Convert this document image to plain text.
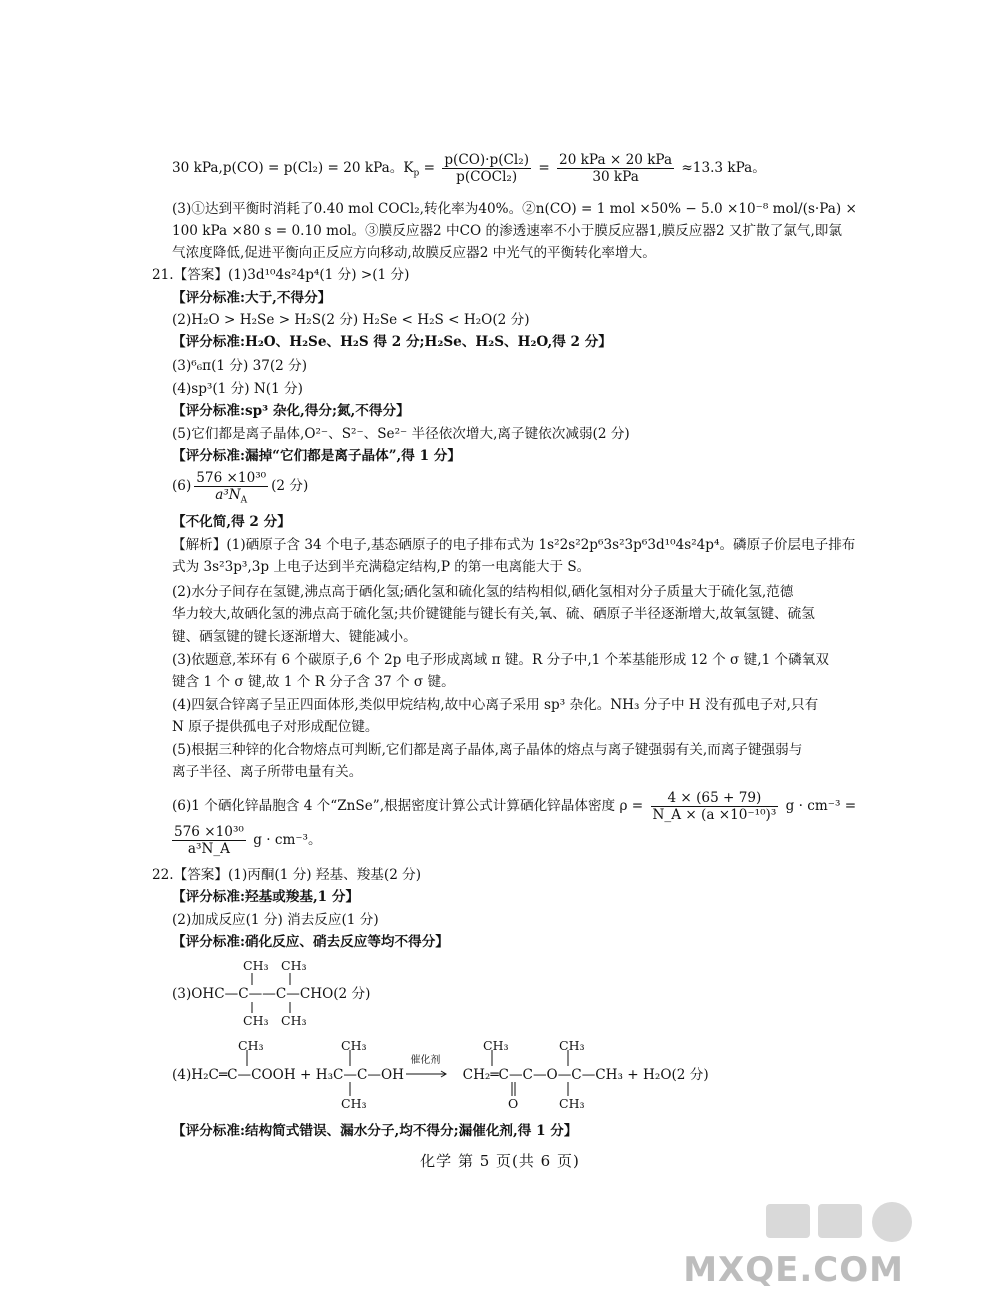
30 kPa,p(CO) = p(Cl₂) = 20 kPa。$K_p = \frac{\text{p(CO)·p(Cl₂)}}{\text{p(COCl₂)}} = \frac{\text{20 kPa × 20 kPa}}{\text{30 kPa}} \approx 13.3$ kPa。
(3)①达到平衡时消耗了0.40 mol COCl₂,转化率为40%。②n(CO) = 1 mol ×50% − 5.0 ×10⁻⁸ mol/(s·Pa) ×
100 kPa ×80 s = 0.10 mol。③膜反应器2 中CO 的渗透速率不小于膜反应器1,膜反应器2 又扩散了氯气,即氯
气浓度降低,促进平衡向正反应方向移动,故膜反应器2 中光气的平衡转化率增大。
21.【答案】(1)3d¹⁰4s²4p⁴(1 分) >(1 分)
【评分标准:大于,不得分】
(2)H₂O > H₂Se > H₂S(2 分) H₂Se < H₂S < H₂O(2 分)
【评分标准:H₂O、H₂Se、H₂S 得 2 分;H₂Se、H₂S、H₂O,得 2 分】
(3)⁶₆π(1 分) 37(2 分)
(4)sp³(1 分) N(1 分)
【评分标准:sp³ 杂化,得分;氮,不得分】
(5)它们都是离子晶体,O²⁻、S²⁻、Se²⁻ 半径依次增大,离子键依次减弱(2 分)
【评分标准:漏掉“它们都是离子晶体”,得 1 分】
$(6) \frac{\text{576 ×10³⁰}}{a^3N_A} (2$ 分)
【不化简,得 2 分】
【解析】(1)硒原子含 34 个电子,基态硒原子的电子排布式为 1s²2s²2p⁶3s²3p⁶3d¹⁰4s²4p⁴。磷原子价层电子排布
式为 3s²3p³,3p 上电子达到半充满稳定结构,P 的第一电离能大于 S。
(2)水分子间存在氢键,沸点高于硒化氢;硒化氢和硫化氢的结构相似,硒化氢相对分子质量大于硫化氢,范德
华力较大,故硒化氢的沸点高于硫化氢;共价键键能与键长有关,氧、硫、硒原子半径逐渐增大,故氧氢键、硫氢
键、硒氢键的键长逐渐增大、键能减小。
(3)依题意,苯环有 6 个碳原子,6 个 2p 电子形成离域 π 键。R 分子中,1 个苯基能形成 12 个 σ 键,1 个磷氧双
键含 1 个 σ 键,故 1 个 R 分子含 37 个 σ 键。
(4)四氨合锌离子呈正四面体形,类似甲烷结构,故中心离子采用 sp³ 杂化。NH₃ 分子中 H 没有孤电子对,只有
N 原子提供孤电子对形成配位键。
(5)根据三种锌的化合物熔点可判断,它们都是离子晶体,离子晶体的熔点与离子键强弱有关,而离子键强弱与
离子半径、离子所带电量有关。
(6)1 个硒化锌晶胞含 4 个“ZnSe”,根据密度计算公式计算硒化锌晶体密度 $\rho = \frac{4 \times (65 + 79)}{\text{N\_A × (a ×10⁻¹⁰)³}}$ g · cm⁻³ =
$\frac{\text{576 ×10³⁰}}{\text{a³N\_A}}$ g · cm⁻³。
22.【答案】(1)丙酮(1 分) 羟基、羧基(2 分)
【评分标准:羟基或羧基,1 分】
(2)加成反应(1 分) 消去反应(1 分)
【评分标准:硝化反应、硝去反应等均不得分】
CH₃ CH₃
(3)OHC—C——C—CHO(2 分)
CH₃ CH₃
CH₃	CH₃	CH₃	CH₃
(4)H₂C═C—COOH + H₃C—C—OH
催化剂
CH₂═C—C—O—C—CH₃ + H₂O(2 分)
CH₃	O	CH₃
【评分标准:结构简式错误、漏水分子,均不得分;漏催化剂,得 1 分】
化学 第 5 页(共 6 页)
MXQE.COM
